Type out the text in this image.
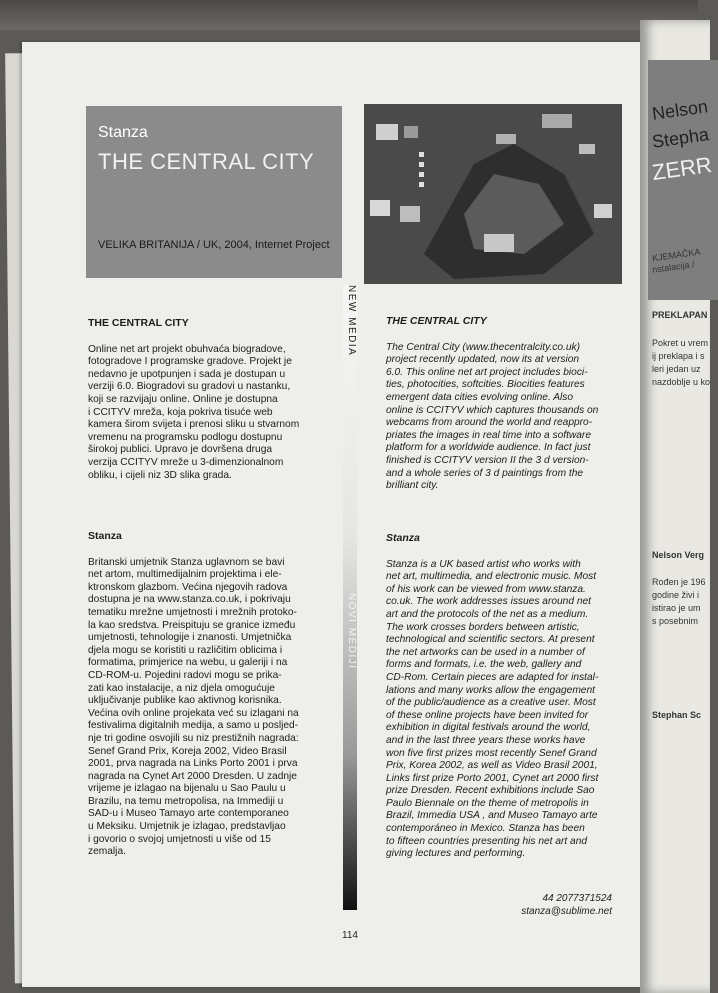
Nelson
Stepha
ZERR
KJEMAČKA
nstalacija /
PREKLAPAN
Pokret u vrem
ij preklapa i s
leri jedan uz
nazdoblje u ko
Nelson Verg
Rođen je 196
godine živi i
istirao je um
s posebnim
Stephan Sc
Stanza
THE CENTRAL CITY
VELIKA BRITANIJA / UK, 2004, Internet Project
NEW MEDIA
NOVI MEDIJI
THE CENTRAL CITY

Online net art projekt obuhvaća biogradove,
fotogradove I programske gradove. Projekt je
nedavno je upotpunjen i sada je dostupan u
verziji 6.0. Biogradovi su gradovi u nastanku,
koji se razvijaju online. Online je dostupna
i CCITYV mreža, koja pokriva tisuće web
kamera širom svijeta i prenosi sliku u stvarnom
vremenu na programsku podlogu dostupnu
širokoj publici. Upravo je dovršena druga
verzija CCITYV mreže u 3-dimenzionalnom
obliku, i cijeli niz 3D slika grada.

Stanza

Britanski umjetnik Stanza uglavnom se bavi
net artom, multimedijalnim projektima i ele-
ktronskom glazbom. Većina njegovih radova
dostupna je na www.stanza.co.uk, i pokrivaju
tematiku mrežne umjetnosti i mrežnih protoko-
la kao sredstva. Preispituju se granice između
umjetnosti, tehnologije i znanosti. Umjetnička
djela mogu se koristiti u različitim oblicima i
formatima, primjerice na webu, u galeriji i na
CD-ROM-u. Pojedini radovi mogu se prika-
zati kao instalacije, a niz djela omogućuje
uključivanje publike kao aktivnog korisnika.
Većina ovih online projekata već su izlagani na
festivalima digitalnih medija, a samo u posljed-
nje tri godine osvojili su niz prestižnih nagrada:
Senef Grand Prix, Koreja 2002, Video Brasil
2001, prva nagrada na Links Porto 2001 i prva
nagrada na Cynet Art 2000 Dresden. U zadnje
vrijeme je izlagao na bijenalu u Sao Paulu u
Brazilu, na temu metropolisa, na Immediji u
SAD-u i Museo Tamayo arte contemporaneo
u Meksiku. Umjetnik je izlagao, predstavljao
i govorio o svojoj umjetnosti u više od 15
zemalja.

THE CENTRAL CITY

The Central City (www.thecentralcity.co.uk)
project recently updated, now its at version
6.0. This online net art project includes bioci-
ties, photocities, softcities. Biocities features
emergent data cities evolving online. Also
online is CCITYV which captures thousands on
webcams from around the world and reappro-
priates the images in real time into a software
platform for a worldwide audience. In fact just
finished is CCITYV version II the 3 d version-
and a whole series of 3 d paintings from the
brilliant city.

Stanza

Stanza is a UK based artist who works with
net art, multimedia, and electronic music. Most
of his work can be viewed from www.stanza.
co.uk. The work addresses issues around net
art and the protocols of the net as a medium.
The work crosses borders between artistic,
technological and scientific sectors. At present
the net artworks can be used in a number of
forms and formats, i.e. the web, gallery and
CD-Rom. Certain pieces are adapted for instal-
lations and many works allow the engagement
of the public/audience as a creative user. Most
of these online projects have been invited for
exhibition in digital festivals around the world,
and in the last three years these works have
won five first prizes most recently Senef Grand
Prix, Korea 2002, as well as Video Brasil 2001,
Links first prize Porto 2001, Cynet art 2000 first
prize Dresden. Recent exhibitions include Sao
Paulo Biennale on the theme of metropolis in
Brazil, Immedia USA , and Museo Tamayo arte
contemporáneo in Mexico. Stanza has been
to fifteen countries presenting his net art and
giving lectures and performing.

44 2077371524
stanza@sublime.net
114
